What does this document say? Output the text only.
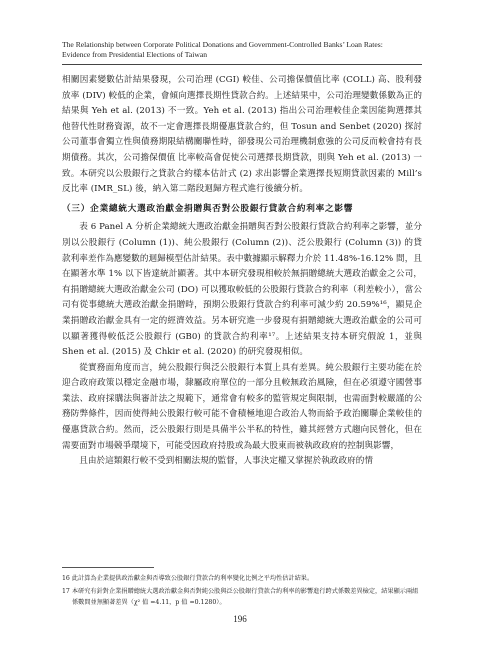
The Relationship between Corporate Political Donations and Government-Controlled Banks’ Loan Rates:
Evidence from Presidential Elections of Taiwan

相關因素變數估計結果發現，公司治理 (CGI) 較佳、公司擔保價值比率 (COLL) 高、股利發放率 (DIV) 較低的企業，會傾向選擇長期性貸款合約。上述結果中，公司治理變數係數為正的結果與 Yeh et al. (2013) 不一致。Yeh et al. (2013) 指出公司治理較佳企業因能夠選擇其他替代性財務資源，故不一定會選擇長期優惠貸款合約，但 Tosun and Senbet (2020) 探討公司董事會獨立性與債務期限結構關聯性時，卻發現公司治理機制愈強的公司反而較會持有長期債務。其次，公司擔保價值 比率較高會促使公司選擇長期貸款，則與 Yeh et al. (2013) 一致。本研究以公股銀行之貸款合約樣本估計式 (2) 求出影響企業選擇長短期貸款因素的 Mill’s 反比率 (IMR_SL) 後，納入第二階段迴歸方程式進行後續分析。

（三）企業總統大選政治獻金捐贈與否對公股銀行貸款合約利率之影響

表 6 Panel A 分析企業總統大選政治獻金捐贈與否對公股銀行貸款合約利率之影響，並分別以公股銀行 (Column (1))、純公股銀行 (Column (2))、泛公股銀行 (Column (3)) 的貸款利率差作為應變數的迴歸模型估計結果。表中數據顯示解釋力介於 11.48%-16.12% 間，且在顯著水準 1% 以下皆達統計顯著。其中本研究發現相較於無捐贈總統大選政治獻金之公司，有捐贈總統大選政治獻金公司 (DO) 可以獲取較低的公股銀行貸款合約利率（利差較小），當公司有從事總統大選政治獻金捐贈時，預期公股銀行貸款合約利率可減少約 20.59%¹⁶，顯見企業捐贈政治獻金具有一定的經濟效益。另本研究進一步發現有捐贈總統大選政治獻金的公司可以顯著獲得較低泛公股銀行 (GB0) 的貸款合約利率¹⁷。上述結果支持本研究假說 1，並與 Shen et al. (2015) 及 Chkir et al. (2020) 的研究發現相似。

從實務面角度而言，純公股銀行與泛公股銀行本質上具有差異。純公股銀行主要功能在於迎合政府政策以穩定金融市場，隸屬政府單位的一部分且較無政治風險，但在必須遵守國營事業法、政府採購法與審計法之規範下，通常會有較多的監管規定與限制，也需面對較嚴謹的公務防弊條件，因而使得純公股銀行較可能不會積極地迎合政治人物而給予政治關聯企業較佳的優惠貸款合約。然而，泛公股銀行則是具備半公半私的特性，雖其經營方式趨向民營化，但在需要面對市場競爭環境下，可能受因政府持股或為最大股東而被執政政府的控制與影響，

且由於這類銀行較不受到相關法規的監督，人事決定權又掌握於執政政府的情

16 此計算為企業提供政治獻金與否導致公股銀行貸款合約利率變化比例之平均性估計結果。

17 本研究有針對企業捐贈總統大選政治獻金與否對純公股與泛公股銀行貸款合約利率的影響進行跨式係數差異檢定，結果顯示兩組係數間並無顯著差異（χ² 值 =4.11，p 值 =0.1280）。

196
